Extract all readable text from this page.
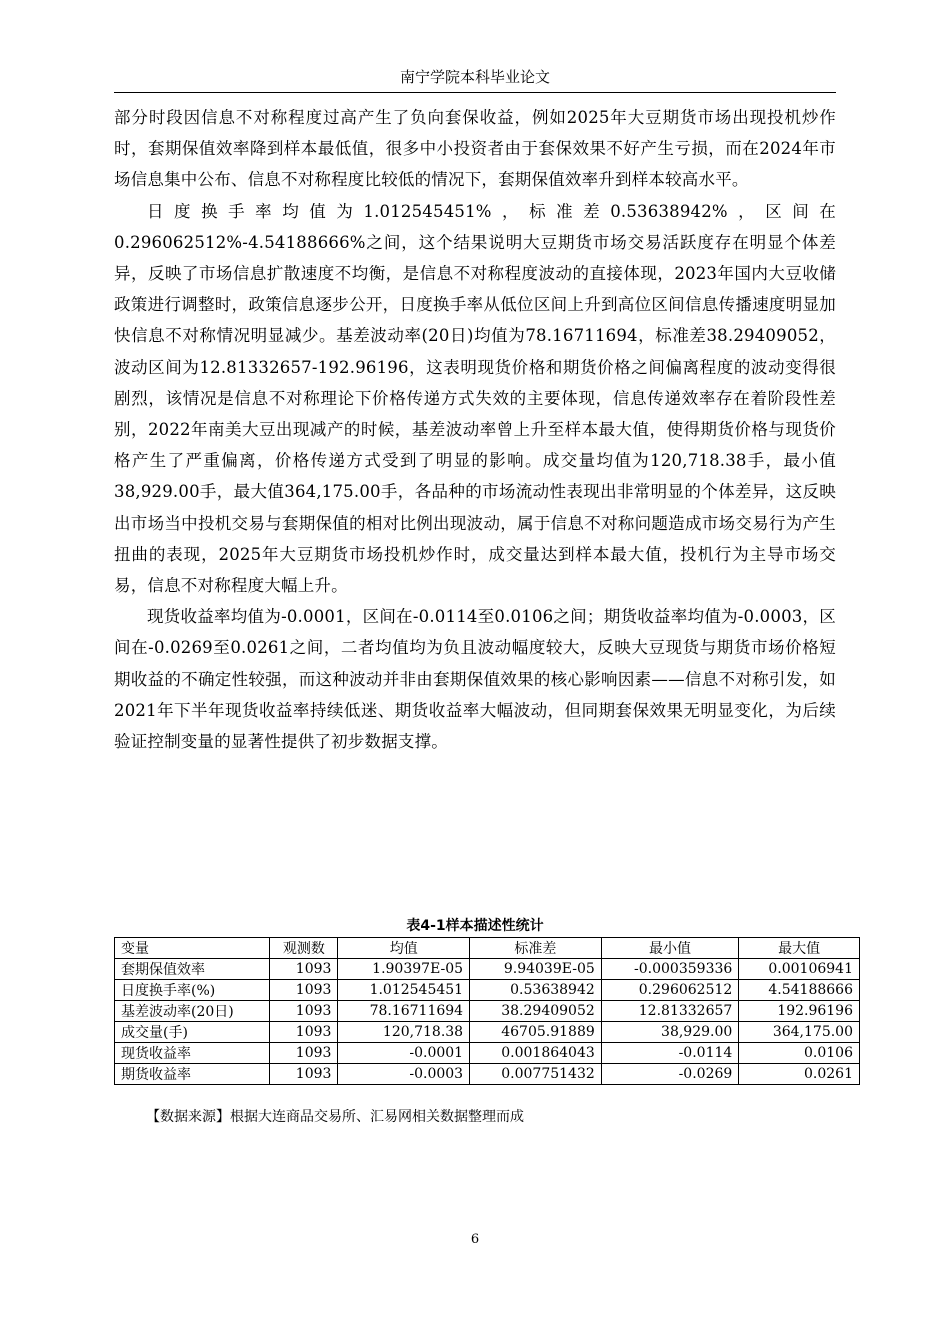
南宁学院本科毕业论文

部分时段因信息不对称程度过高产生了负向套保收益，例如2025年大豆期货市场出现投机炒作时，套期保值效率降到样本最低值，很多中小投资者由于套保效果不好产生亏损，而在2024年市场信息集中公布、信息不对称程度比较低的情况下，套期保值效率升到样本较高水平。

日度换手率均值为1.012545451%，标准差0.53638942%，区间在0.296062512%-4.54188666%之间，这个结果说明大豆期货市场交易活跃度存在明显个体差异，反映了市场信息扩散速度不均衡，是信息不对称程度波动的直接体现，2023年国内大豆收储政策进行调整时，政策信息逐步公开，日度换手率从低位区间上升到高位区间信息传播速度明显加快信息不对称情况明显减少。基差波动率(20日)均值为78.16711694，标准差38.29409052，波动区间为12.81332657-192.96196，这表明现货价格和期货价格之间偏离程度的波动变得很剧烈，该情况是信息不对称理论下价格传递方式失效的主要体现，信息传递效率存在着阶段性差别，2022年南美大豆出现减产的时候，基差波动率曾上升至样本最大值，使得期货价格与现货价格产生了严重偏离，价格传递方式受到了明显的影响。成交量均值为120,718.38手，最小值38,929.00手，最大值364,175.00手，各品种的市场流动性表现出非常明显的个体差异，这反映出市场当中投机交易与套期保值的相对比例出现波动，属于信息不对称问题造成市场交易行为产生扭曲的表现，2025年大豆期货市场投机炒作时，成交量达到样本最大值，投机行为主导市场交易，信息不对称程度大幅上升。

现货收益率均值为-0.0001，区间在-0.0114至0.0106之间；期货收益率均值为-0.0003，区间在-0.0269至0.0261之间，二者均值均为负且波动幅度较大，反映大豆现货与期货市场价格短期收益的不确定性较强，而这种波动并非由套期保值效果的核心影响因素——信息不对称引发，如2021年下半年现货收益率持续低迷、期货收益率大幅波动，但同期套保效果无明显变化，为后续验证控制变量的显著性提供了初步数据支撑。

表4-1样本描述性统计
变量	观测数	均值	标准差	最小值	最大值
套期保值效率	1093	1.90397E-05	9.94039E-05	-0.000359336	0.00106941
日度换手率(%)	1093	1.012545451	0.53638942	0.296062512	4.54188666
基差波动率(20日)	1093	78.16711694	38.29409052	12.81332657	192.96196
成交量(手)	1093	120,718.38	46705.91889	38,929.00	364,175.00
现货收益率	1093	-0.0001	0.001864043	-0.0114	0.0106
期货收益率	1093	-0.0003	0.007751432	-0.0269	0.0261
【数据来源】根据大连商品交易所、汇易网相关数据整理而成
6
